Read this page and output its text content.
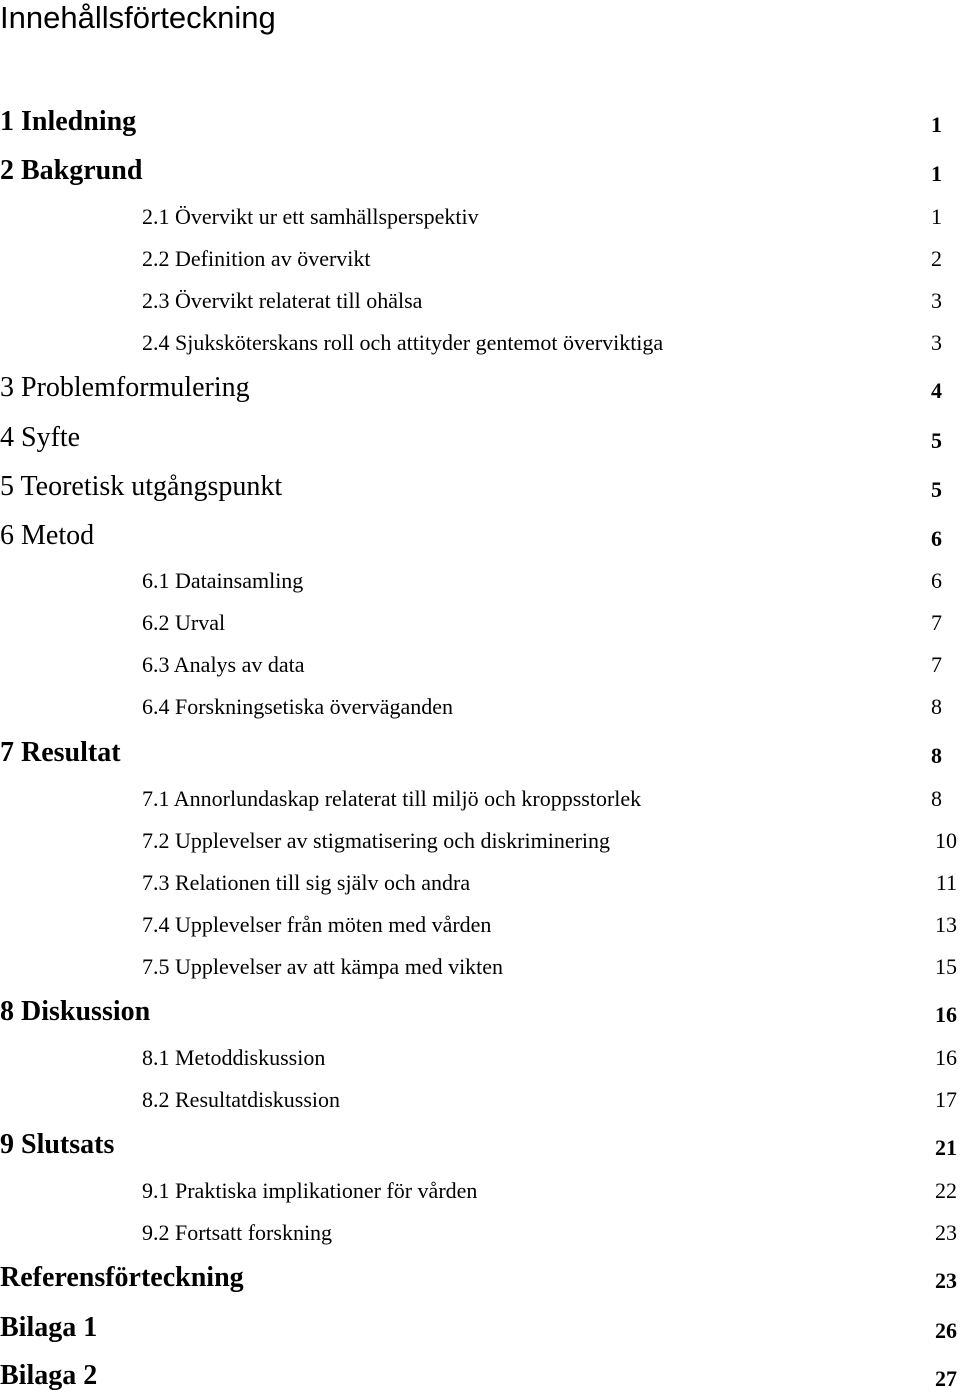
Innehållsförteckning
1 Inledning	1
2 Bakgrund	1
2.1 Övervikt ur ett samhällsperspektiv	1
2.2 Definition av övervikt	2
2.3 Övervikt relaterat till ohälsa	3
2.4 Sjuksköterskans roll och attityder gentemot överviktiga	3
3 Problemformulering	4
4 Syfte	5
5 Teoretisk utgångspunkt	5
6 Metod	6
6.1 Datainsamling	6
6.2 Urval	7
6.3 Analys av data	7
6.4 Forskningsetiska överväganden	8
7 Resultat	8
7.1 Annorlundaskap relaterat till miljö och kroppsstorlek	8
7.2 Upplevelser av stigmatisering och diskriminering	10
7.3 Relationen till sig själv och andra	11
7.4 Upplevelser från möten med vården	13
7.5 Upplevelser av att kämpa med vikten	15
8 Diskussion	16
8.1 Metoddiskussion	16
8.2 Resultatdiskussion	17
9 Slutsats	21
9.1 Praktiska implikationer för vården	22
9.2 Fortsatt forskning	23
Referensförteckning	23
Bilaga 1	26
Bilaga 2	27
